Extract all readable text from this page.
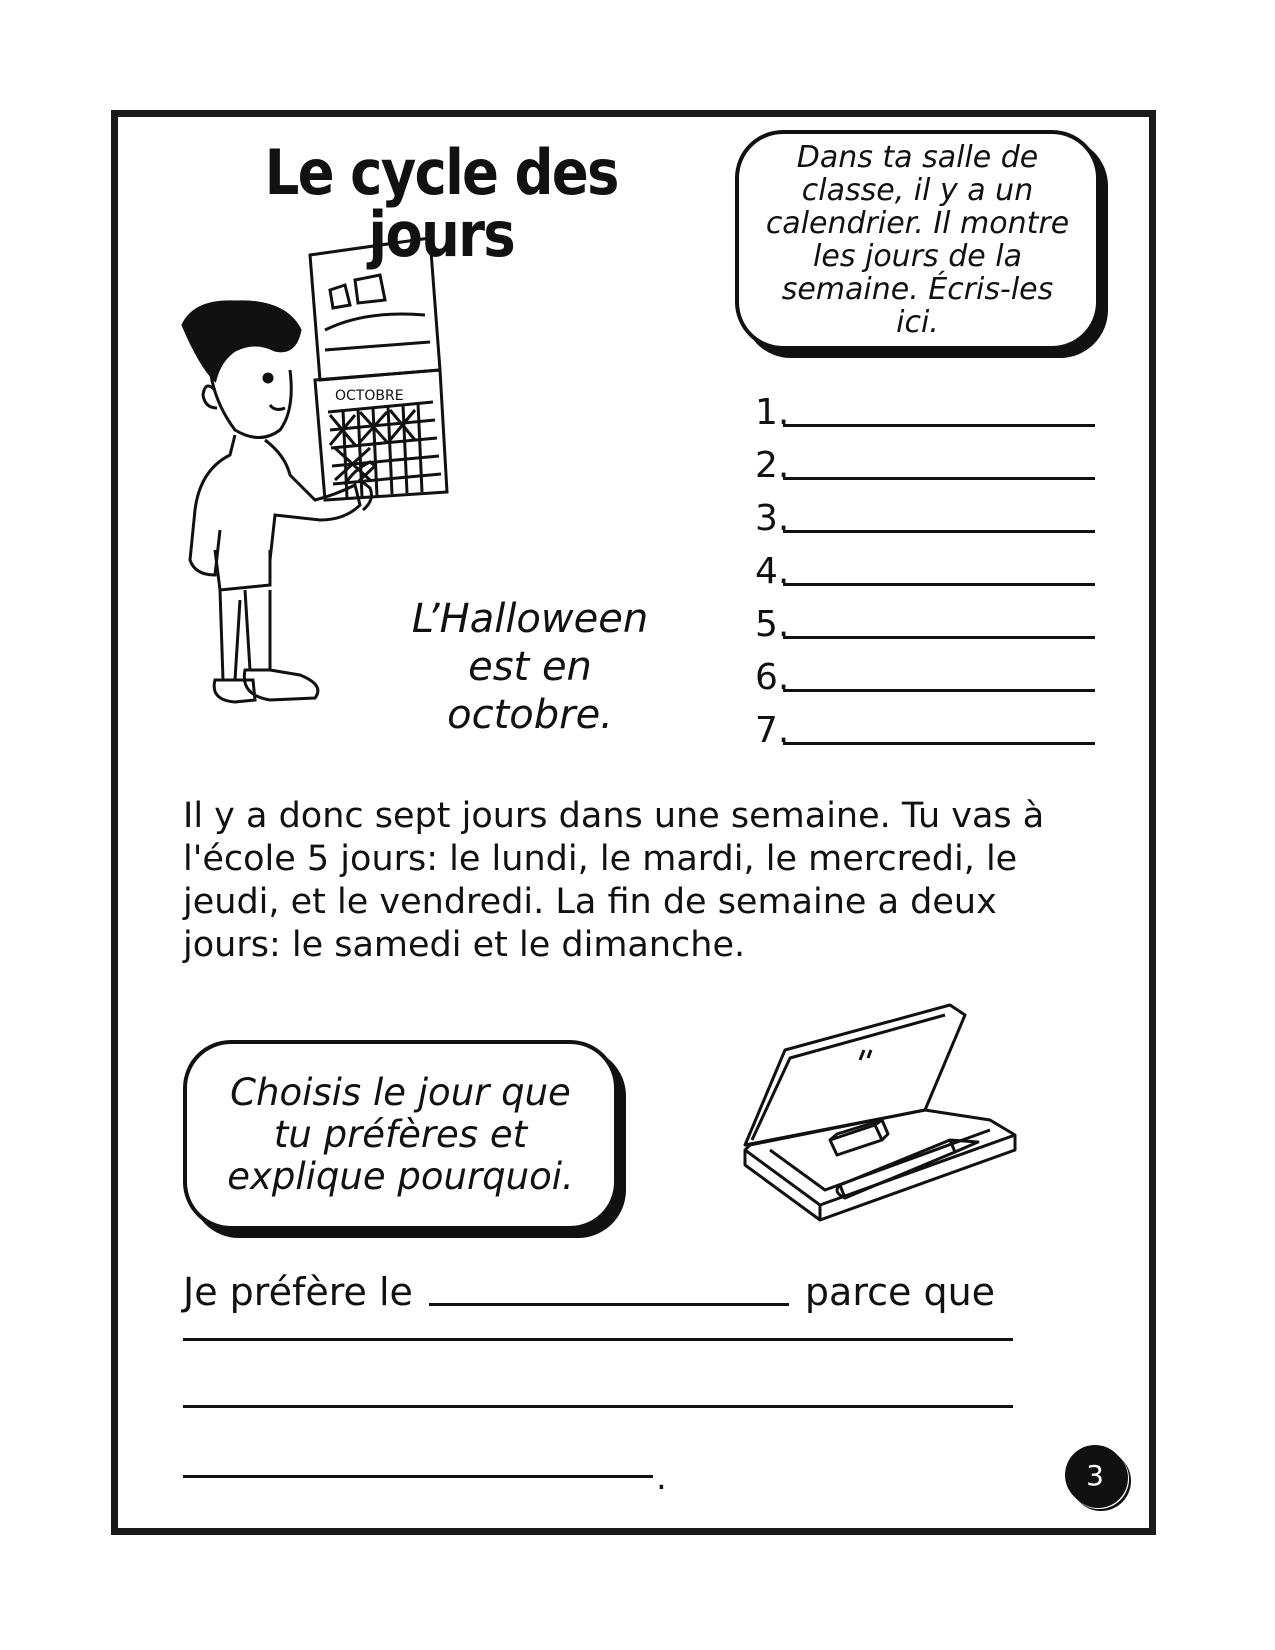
Le cycle des jours
OCTOBRE
Dans ta salle de classe, il y a un calendrier. Il montre les jours de la semaine. Écris-les ici.
1.
2.
3.
4.
5.
6.
7.
L’Halloween est en octobre.
Il y a donc sept jours dans une semaine. Tu vas à l'école 5 jours: le lundi, le mardi, le mercredi, le jeudi, et le vendredi. La fin de semaine a deux jours: le samedi et le dimanche.
Choisis le jour que tu préfères et explique pourquoi.
Je préfère le	parce que
.	3
